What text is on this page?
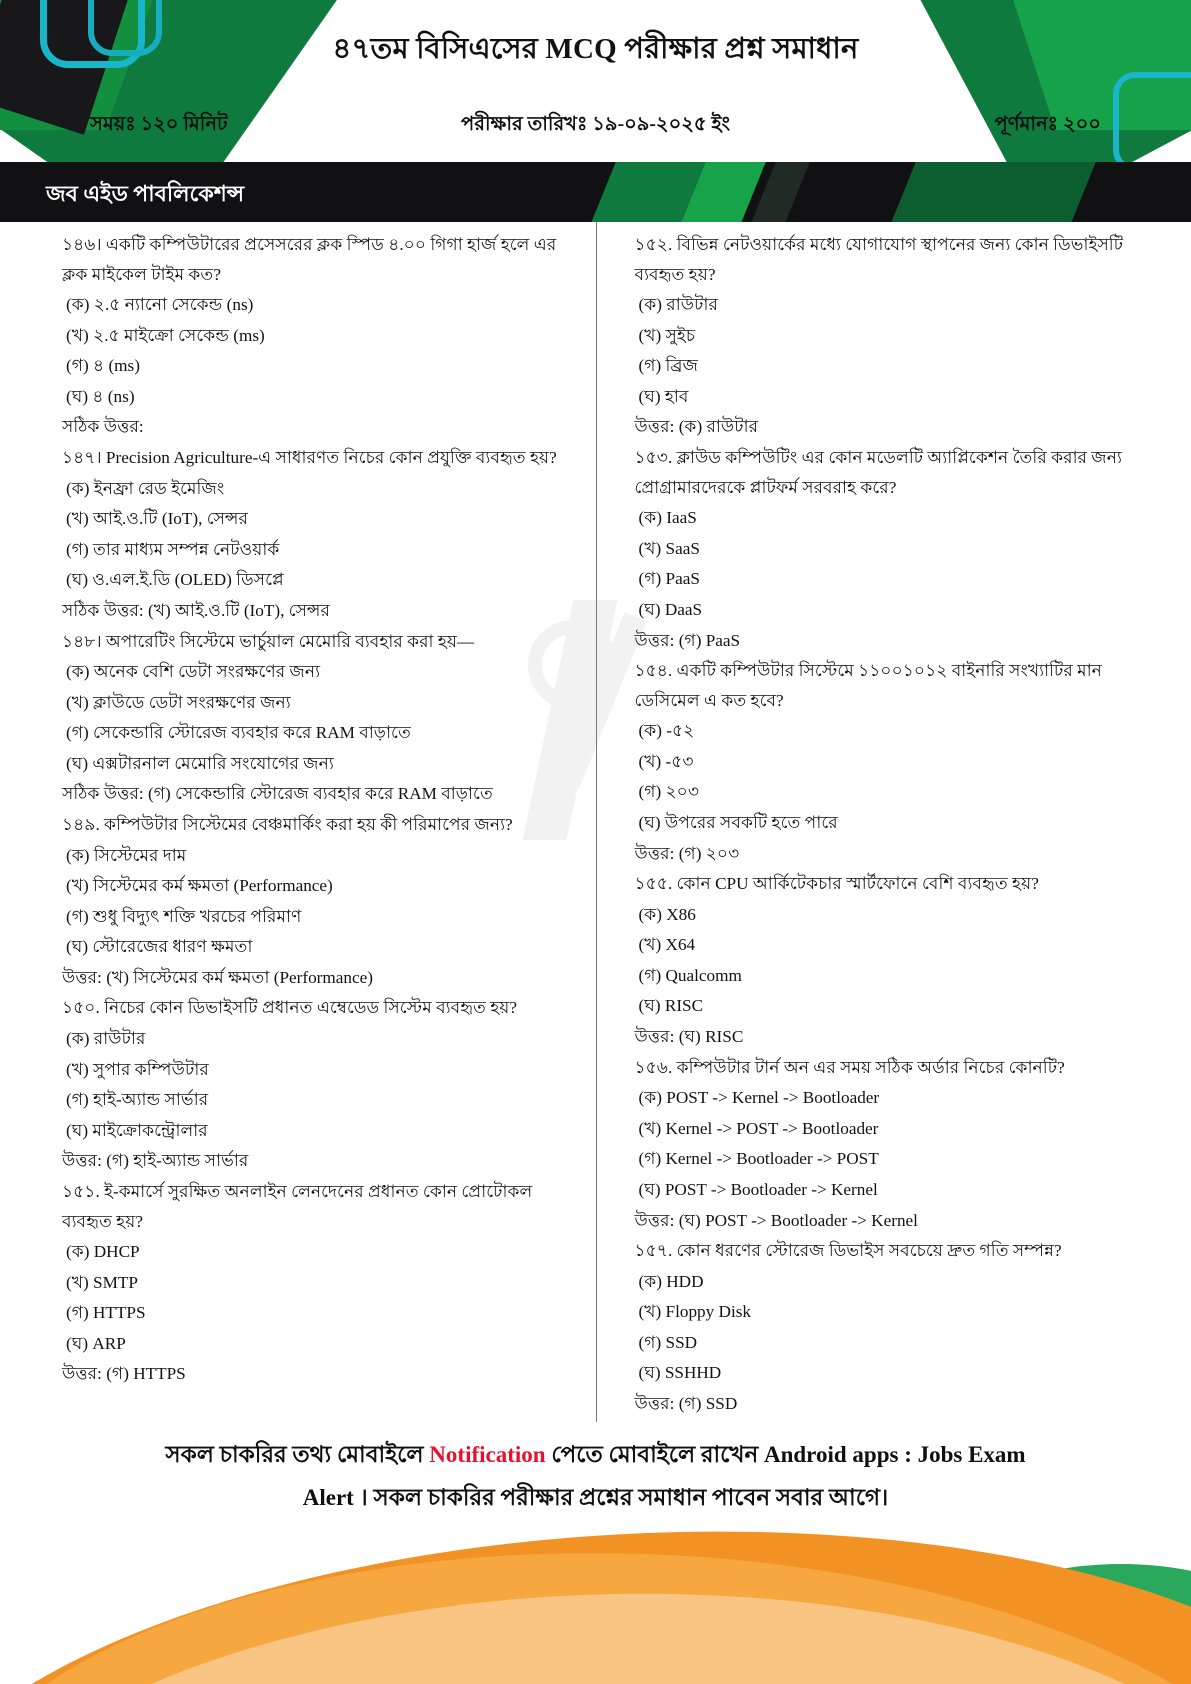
৪৭তম বিসিএসের MCQ পরীক্ষার প্রশ্ন সমাধান
সময়ঃ ১২০ মিনিট	পরীক্ষার তারিখঃ ১৯-০৯-২০২৫ ইং	পূর্ণমানঃ ২০০
জব এইড পাবলিকেশন্স
১৪৬। একটি কম্পিউটারের প্রসেসরের ক্লক স্পিড ৪.০০ গিগা হার্জ হলে এর ক্লক মাইকেল টাইম কত?
(ক) ২.৫ ন্যানো সেকেন্ড (ns)
(খ) ২.৫ মাইক্রো সেকেন্ড (ms)
(গ) ৪ (ms)
(ঘ) ৪ (ns)
সঠিক উত্তর:
১৪৭। Precision Agriculture-এ সাধারণত নিচের কোন প্রযুক্তি ব্যবহৃত হয়?
(ক) ইনফ্রা রেড ইমেজিং
(খ) আই.ও.টি (IoT), সেন্সর
(গ) তার মাধ্যম সম্পন্ন নেটওয়ার্ক
(ঘ) ও.এল.ই.ডি (OLED) ডিসপ্লে
সঠিক উত্তর: (খ) আই.ও.টি (IoT), সেন্সর
১৪৮। অপারেটিং সিস্টেমে ভার্চুয়াল মেমোরি ব্যবহার করা হয়—
(ক) অনেক বেশি ডেটা সংরক্ষণের জন্য
(খ) ক্লাউডে ডেটা সংরক্ষণের জন্য
(গ) সেকেন্ডারি স্টোরেজ ব্যবহার করে RAM বাড়াতে
(ঘ) এক্সটারনাল মেমোরি সংযোগের জন্য
সঠিক উত্তর: (গ) সেকেন্ডারি স্টোরেজ ব্যবহার করে RAM বাড়াতে
১৪৯. কম্পিউটার সিস্টেমের বেঞ্চমার্কিং করা হয় কী পরিমাপের জন্য?
(ক) সিস্টেমের দাম
(খ) সিস্টেমের কর্ম ক্ষমতা (Performance)
(গ) শুধু বিদ্যুৎ শক্তি খরচের পরিমাণ
(ঘ) স্টোরেজের ধারণ ক্ষমতা
উত্তর: (খ) সিস্টেমের কর্ম ক্ষমতা (Performance)
১৫০. নিচের কোন ডিভাইসটি প্রধানত এম্বেডেড সিস্টেম ব্যবহৃত হয়?
(ক) রাউটার
(খ) সুপার কম্পিউটার
(গ) হাই-অ্যান্ড সার্ভার
(ঘ) মাইক্রোকন্ট্রোলার
উত্তর: (গ) হাই-অ্যান্ড সার্ভার
১৫১. ই-কমার্সে সুরক্ষিত অনলাইন লেনদেনের প্রধানত কোন প্রোটোকল ব্যবহৃত হয়?
(ক) DHCP
(খ) SMTP
(গ) HTTPS
(ঘ) ARP
উত্তর: (গ) HTTPS
১৫২. বিভিন্ন নেটওয়ার্কের মধ্যে যোগাযোগ স্থাপনের জন্য কোন ডিভাইসটি ব্যবহৃত হয়?
(ক) রাউটার
(খ) সুইচ
(গ) ব্রিজ
(ঘ) হাব
উত্তর: (ক) রাউটার
১৫৩. ক্লাউড কম্পিউটিং এর কোন মডেলটি অ্যাপ্লিকেশন তৈরি করার জন্য প্রোগ্রামারদেরকে প্লাটফর্ম সরবরাহ করে?
(ক) IaaS
(খ) SaaS
(গ) PaaS
(ঘ) DaaS
উত্তর: (গ) PaaS
১৫৪. একটি কম্পিউটার সিস্টেমে ১১০০১০১২ বাইনারি সংখ্যাটির মান ডেসিমেল এ কত হবে?
(ক) -৫২
(খ) -৫৩
(গ) ২০৩
(ঘ) উপরের সবকটি হতে পারে
উত্তর: (গ) ২০৩
১৫৫. কোন CPU আর্কিটেকচার স্মার্টফোনে বেশি ব্যবহৃত হয়?
(ক) X86
(খ) X64
(গ) Qualcomm
(ঘ) RISC
উত্তর: (ঘ) RISC
১৫৬. কম্পিউটার টার্ন অন এর সময় সঠিক অর্ডার নিচের কোনটি?
(ক) POST -> Kernel -> Bootloader
(খ) Kernel -> POST -> Bootloader
(গ) Kernel -> Bootloader -> POST
(ঘ) POST -> Bootloader -> Kernel
উত্তর: (ঘ) POST -> Bootloader -> Kernel
১৫৭. কোন ধরণের স্টোরেজ ডিভাইস সবচেয়ে দ্রুত গতি সম্পন্ন?
(ক) HDD
(খ) Floppy Disk
(গ) SSD
(ঘ) SSHHD
উত্তর: (গ) SSD
সকল চাকরির তথ্য মোবাইলে Notification পেতে মোবাইলে রাখেন Android apps : Jobs Exam
Alert । সকল চাকরির পরীক্ষার প্রশ্নের সমাধান পাবেন সবার আগে।
